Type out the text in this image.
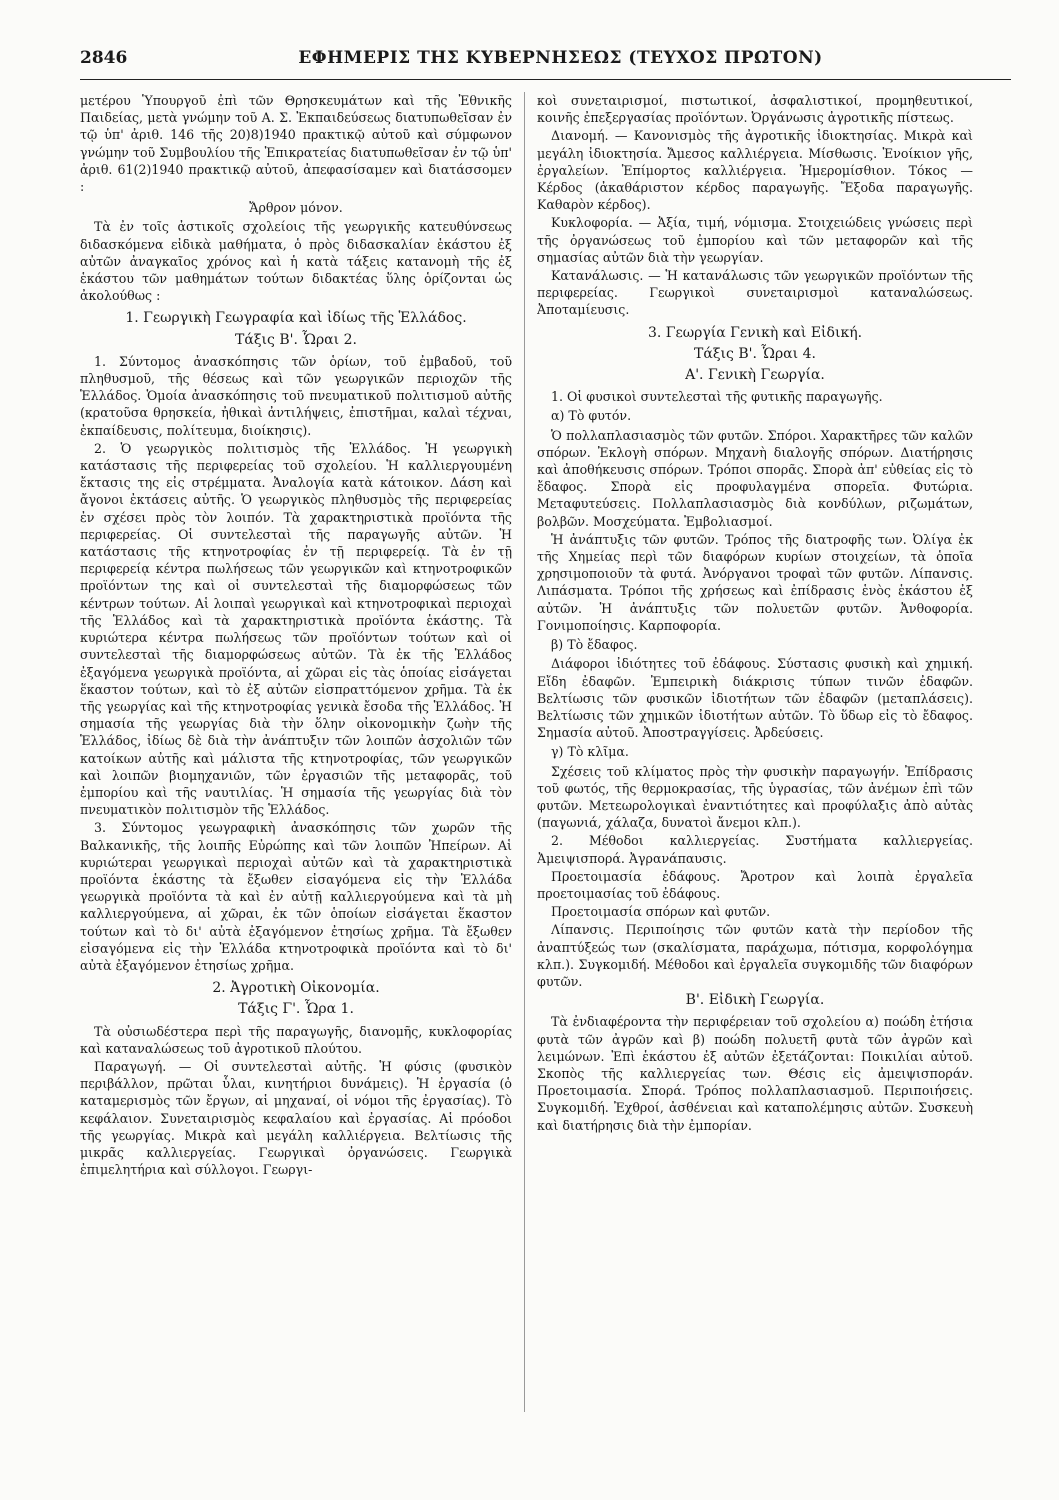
2846	ΕΦΗΜΕΡΙΣ ΤΗΣ ΚΥΒΕΡΝΗΣΕΩΣ (ΤΕΥΧΟΣ ΠΡΩΤΟΝ)

μετέρου Ὑπουργοῦ ἐπὶ τῶν Θρησκευμάτων καὶ τῆς Ἐθνικῆς Παιδείας, μετὰ γνώμην τοῦ Α. Σ. Ἐκπαιδεύσεως διατυπωθεῖσαν ἐν τῷ ὑπ' ἀριθ. 146 τῆς 20)8)1940 πρακτικῷ αὐτοῦ καὶ σύμφωνον γνώμην τοῦ Συμβουλίου τῆς Ἐπικρατείας διατυπωθεῖσαν ἐν τῷ ὑπ' ἀριθ. 61(2)1940 πρακτικῷ αὐτοῦ, ἀπεφασίσαμεν καὶ διατάσσομεν :

Ἄρθρον μόνον.

Τὰ ἐν τοῖς ἀστικοῖς σχολείοις τῆς γεωργικῆς κατευθύνσεως διδασκόμενα εἰδικὰ μαθήματα, ὁ πρὸς διδασκαλίαν ἑκάστου ἐξ αὐτῶν ἀναγκαῖος χρόνος καὶ ἡ κατὰ τάξεις κατανομὴ τῆς ἐξ ἑκάστου τῶν μαθημάτων τούτων διδακτέας ὕλης ὁρίζονται ὡς ἀκολούθως :

1. Γεωργικὴ Γεωγραφία καὶ ἰδίως τῆς Ἑλλάδος.
Τάξις Β'. Ὧραι 2.

1. Σύντομος ἀνασκόπησις τῶν ὁρίων, τοῦ ἐμβαδοῦ, τοῦ πληθυσμοῦ, τῆς θέσεως καὶ τῶν γεωργικῶν περιοχῶν τῆς Ἑλλάδος. Ὁμοία ἀνασκόπησις τοῦ πνευματικοῦ πολιτισμοῦ αὐτῆς (κρατοῦσα θρησκεία, ἠθικαὶ ἀντιλήψεις, ἐπιστῆμαι, καλαὶ τέχναι, ἐκπαίδευσις, πολίτευμα, διοίκησις).

2. Ὁ γεωργικὸς πολιτισμὸς τῆς Ἑλλάδος. Ἡ γεωργικὴ κατάστασις τῆς περιφερείας τοῦ σχολείου. Ἡ καλλιεργουμένη ἔκτασις της εἰς στρέμματα. Ἀναλογία κατὰ κάτοικον. Δάση καὶ ἄγονοι ἐκτάσεις αὐτῆς. Ὁ γεωργικὸς πληθυσμὸς τῆς περιφερείας ἐν σχέσει πρὸς τὸν λοιπόν. Τὰ χαρακτηριστικὰ προϊόντα τῆς περιφερείας. Οἱ συντελεσταὶ τῆς παραγωγῆς αὐτῶν. Ἡ κατάστασις τῆς κτηνοτροφίας ἐν τῇ περιφερείᾳ. Τὰ ἐν τῇ περιφερείᾳ κέντρα πωλήσεως τῶν γεωργικῶν καὶ κτηνοτροφικῶν προϊόντων της καὶ οἱ συντελεσταὶ τῆς διαμορφώσεως τῶν κέντρων τούτων. Αἱ λοιπαὶ γεωργικαὶ καὶ κτηνοτροφικαὶ περιοχαὶ τῆς Ἑλλάδος καὶ τὰ χαρακτηριστικὰ προϊόντα ἑκάστης. Τὰ κυριώτερα κέντρα πωλήσεως τῶν προϊόντων τούτων καὶ οἱ συντελεσταὶ τῆς διαμορφώσεως αὐτῶν. Τὰ ἐκ τῆς Ἑλλάδος ἐξαγόμενα γεωργικὰ προϊόντα, αἱ χῶραι εἰς τὰς ὁποίας εἰσάγεται ἕκαστον τούτων, καὶ τὸ ἐξ αὐτῶν εἰσπραττόμενον χρῆμα. Τὰ ἐκ τῆς γεωργίας καὶ τῆς κτηνοτροφίας γενικὰ ἔσοδα τῆς Ἑλλάδος. Ἡ σημασία τῆς γεωργίας διὰ τὴν ὅλην οἰκονομικὴν ζωὴν τῆς Ἑλλάδος, ἰδίως δὲ διὰ τὴν ἀνάπτυξιν τῶν λοιπῶν ἀσχολιῶν τῶν κατοίκων αὐτῆς καὶ μάλιστα τῆς κτηνοτροφίας, τῶν γεωργικῶν καὶ λοιπῶν βιομηχανιῶν, τῶν ἐργασιῶν τῆς μεταφορᾶς, τοῦ ἐμπορίου καὶ τῆς ναυτιλίας. Ἡ σημασία τῆς γεωργίας διὰ τὸν πνευματικὸν πολιτισμὸν τῆς Ἑλλάδος.

3. Σύντομος γεωγραφικὴ ἀνασκόπησις τῶν χωρῶν τῆς Βαλκανικῆς, τῆς λοιπῆς Εὐρώπης καὶ τῶν λοιπῶν Ἠπείρων. Αἱ κυριώτεραι γεωργικαὶ περιοχαὶ αὐτῶν καὶ τὰ χαρακτηριστικὰ προϊόντα ἑκάστης τὰ ἔξωθεν εἰσαγόμενα εἰς τὴν Ἑλλάδα γεωργικὰ προϊόντα τὰ καὶ ἐν αὐτῇ καλλιεργούμενα καὶ τὰ μὴ καλλιεργούμενα, αἱ χῶραι, ἐκ τῶν ὁποίων εἰσάγεται ἕκαστον τούτων καὶ τὸ δι' αὐτὰ ἐξαγόμενον ἐτησίως χρῆμα. Τὰ ἔξωθεν εἰσαγόμενα εἰς τὴν Ἑλλάδα κτηνοτροφικὰ προϊόντα καὶ τὸ δι' αὐτὰ ἐξαγόμενον ἐτησίως χρῆμα.

2. Ἀγροτικὴ Οἰκονομία.
Τάξις Γ'. Ὧρα 1.

Τὰ οὐσιωδέστερα περὶ τῆς παραγωγῆς, διανομῆς, κυκλοφορίας καὶ καταναλώσεως τοῦ ἀγροτικοῦ πλούτου.

Παραγωγή. — Οἱ συντελεσταὶ αὐτῆς. Ἡ φύσις (φυσικὸν περιβάλλον, πρῶται ὗλαι, κινητήριοι δυνάμεις). Ἡ ἐργασία (ὁ καταμερισμὸς τῶν ἔργων, αἱ μηχαναί, οἱ νόμοι τῆς ἐργασίας). Τὸ κεφάλαιον. Συνεταιρισμὸς κεφαλαίου καὶ ἐργασίας. Αἱ πρόοδοι τῆς γεωργίας. Μικρὰ καὶ μεγάλη καλλιέργεια. Βελτίωσις τῆς μικρᾶς καλλιεργείας. Γεωργικαὶ ὀργανώσεις. Γεωργικὰ ἐπιμελητήρια καὶ σύλλογοι. Γεωργι-

κοὶ συνεταιρισμοί, πιστωτικοί, ἀσφαλιστικοί, προμηθευτικοί, κοινῆς ἐπεξεργασίας προϊόντων. Ὀργάνωσις ἀγροτικῆς πίστεως.

Διανομή. — Κανονισμὸς τῆς ἀγροτικῆς ἰδιοκτησίας. Μικρὰ καὶ μεγάλη ἰδιοκτησία. Ἄμεσος καλλιέργεια. Μίσθωσις. Ἐνοίκιον γῆς, ἐργαλείων. Ἐπίμορτος καλλιέργεια. Ἡμερομίσθιον. Τόκος — Κέρδος (ἀκαθάριστον κέρδος παραγωγῆς. Ἔξοδα παραγωγῆς. Καθαρὸν κέρδος).

Κυκλοφορία. — Ἀξία, τιμή, νόμισμα. Στοιχειώδεις γνώσεις περὶ τῆς ὀργανώσεως τοῦ ἐμπορίου καὶ τῶν μεταφορῶν καὶ τῆς σημασίας αὐτῶν διὰ τὴν γεωργίαν.

Κατανάλωσις. — Ἡ κατανάλωσις τῶν γεωργικῶν προϊόντων τῆς περιφερείας. Γεωργικοὶ συνεταιρισμοὶ καταναλώσεως. Ἀποταμίευσις.

3. Γεωργία Γενικὴ καὶ Εἰδική.
Τάξις Β'. Ὧραι 4.
Α'. Γενικὴ Γεωργία.

1. Οἱ φυσικοὶ συντελεσταὶ τῆς φυτικῆς παραγωγῆς.

α) Τὸ φυτόν.

Ὁ πολλαπλασιασμὸς τῶν φυτῶν. Σπόροι. Χαρακτῆρες τῶν καλῶν σπόρων. Ἐκλογὴ σπόρων. Μηχανὴ διαλογῆς σπόρων. Διατήρησις καὶ ἀποθήκευσις σπόρων. Τρόποι σπορᾶς. Σπορὰ ἀπ' εὐθείας εἰς τὸ ἔδαφος. Σπορὰ εἰς προφυλαγμένα σπορεῖα. Φυτώρια. Μεταφυτεύσεις. Πολλαπλασιασμὸς διὰ κονδύλων, ριζωμάτων, βολβῶν. Μοσχεύματα. Ἐμβολιασμοί.

Ἡ ἀνάπτυξις τῶν φυτῶν. Τρόπος τῆς διατροφῆς των. Ὀλίγα ἐκ τῆς Χημείας περὶ τῶν διαφόρων κυρίων στοιχείων, τὰ ὁποῖα χρησιμοποιοῦν τὰ φυτά. Ἀνόργανοι τροφαὶ τῶν φυτῶν. Λίπανσις. Λιπάσματα. Τρόποι τῆς χρήσεως καὶ ἐπίδρασις ἑνὸς ἑκάστου ἐξ αὐτῶν. Ἡ ἀνάπτυξις τῶν πολυετῶν φυτῶν. Ἀνθοφορία. Γονιμοποίησις. Καρποφορία.

β) Τὸ ἔδαφος.

Διάφοροι ἰδιότητες τοῦ ἐδάφους. Σύστασις φυσικὴ καὶ χημική. Εἴδη ἐδαφῶν. Ἐμπειρικὴ διάκρισις τύπων τινῶν ἐδαφῶν. Βελτίωσις τῶν φυσικῶν ἰδιοτήτων τῶν ἐδαφῶν (μεταπλάσεις). Βελτίωσις τῶν χημικῶν ἰδιοτήτων αὐτῶν. Τὸ ὕδωρ εἰς τὸ ἔδαφος. Σημασία αὐτοῦ. Ἀποστραγγίσεις. Ἀρδεύσεις.

γ) Τὸ κλῖμα.

Σχέσεις τοῦ κλίματος πρὸς τὴν φυσικὴν παραγωγήν. Ἐπίδρασις τοῦ φωτός, τῆς θερμοκρασίας, τῆς ὑγρασίας, τῶν ἀνέμων ἐπὶ τῶν φυτῶν. Μετεωρολογικαὶ ἐναντιότητες καὶ προφύλαξις ἀπὸ αὐτὰς (παγωνιά, χάλαζα, δυνατοὶ ἄνεμοι κλπ.).

2. Μέθοδοι καλλιεργείας. Συστήματα καλλιεργείας. Ἀμειψισπορά. Ἀγρανάπαυσις.

Προετοιμασία ἐδάφους. Ἄροτρον καὶ λοιπὰ ἐργαλεῖα προετοιμασίας τοῦ ἐδάφους.

Προετοιμασία σπόρων καὶ φυτῶν.

Λίπανσις. Περιποίησις τῶν φυτῶν κατὰ τὴν περίοδον τῆς ἀναπτύξεώς των (σκαλίσματα, παράχωμα, πότισμα, κορφολόγημα κλπ.). Συγκομιδή. Μέθοδοι καὶ ἐργαλεῖα συγκομιδῆς τῶν διαφόρων φυτῶν.

Β'. Εἰδικὴ Γεωργία.

Τὰ ἐνδιαφέροντα τὴν περιφέρειαν τοῦ σχολείου α) ποώδη ἐτήσια φυτὰ τῶν ἀγρῶν καὶ β) ποώδη πολυετῆ φυτὰ τῶν ἀγρῶν καὶ λειμώνων. Ἐπὶ ἑκάστου ἐξ αὐτῶν ἐξετάζονται: Ποικιλίαι αὐτοῦ. Σκοπὸς τῆς καλλιεργείας των. Θέσις εἰς ἀμειψισποράν. Προετοιμασία. Σπορά. Τρόπος πολλαπλασιασμοῦ. Περιποιήσεις. Συγκομιδή. Ἐχθροί, ἀσθένειαι καὶ καταπολέμησις αὐτῶν. Συσκευὴ καὶ διατήρησις διὰ τὴν ἐμπορίαν.
